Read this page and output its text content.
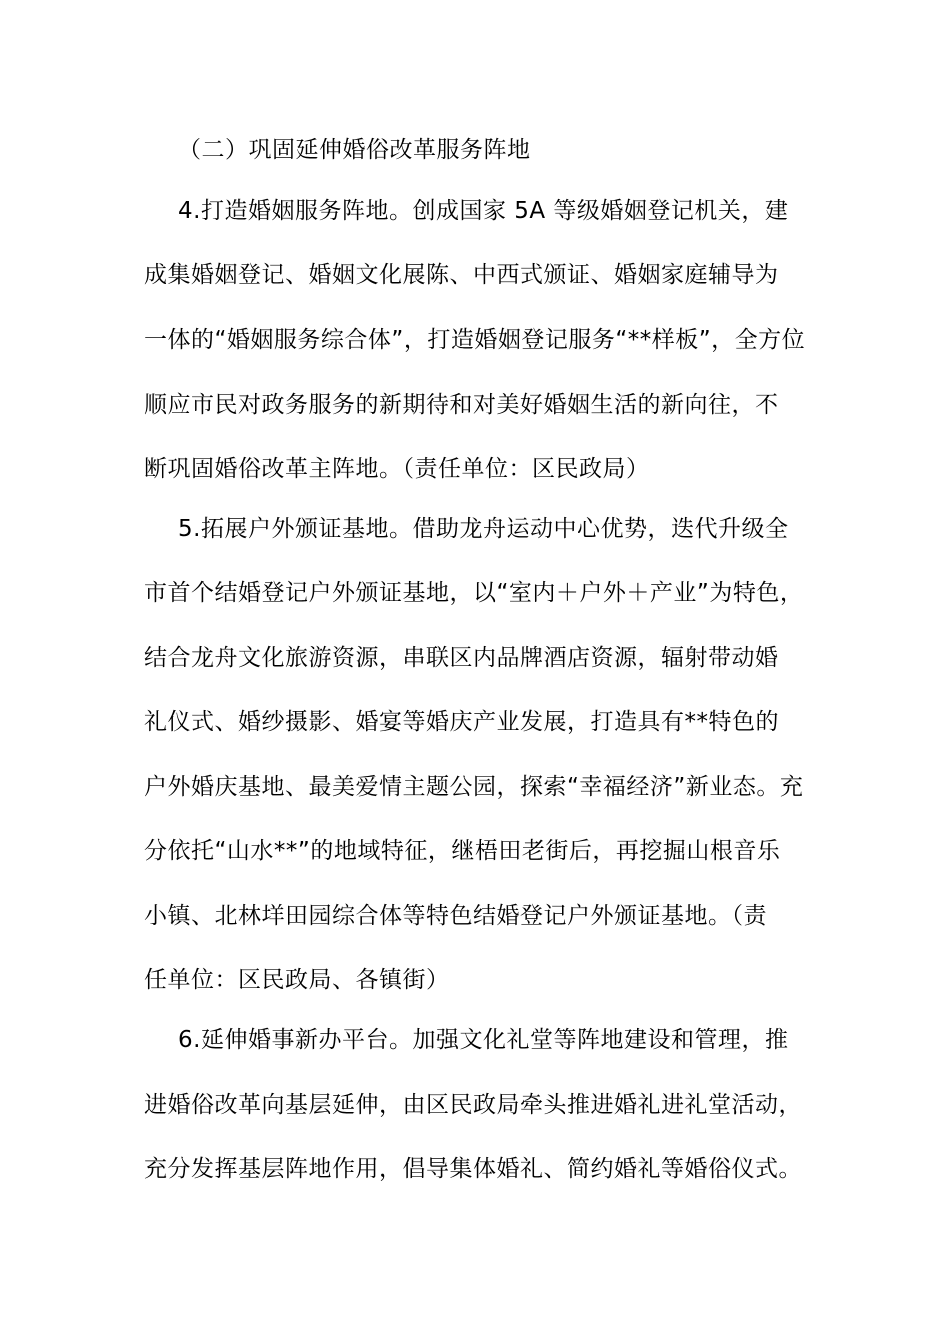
（二）巩固延伸婚俗改革服务阵地
4.打造婚姻服务阵地。创成国家 5A 等级婚姻登记机关，建
成集婚姻登记、婚姻文化展陈、中西式颁证、婚姻家庭辅导为
一体的“婚姻服务综合体”，打造婚姻登记服务“**样板”，全方位
顺应市民对政务服务的新期待和对美好婚姻生活的新向往，不
断巩固婚俗改革主阵地。（责任单位：区民政局）
5.拓展户外颁证基地。借助龙舟运动中心优势，迭代升级全
市首个结婚登记户外颁证基地，以“室内＋户外＋产业”为特色，
结合龙舟文化旅游资源，串联区内品牌酒店资源，辐射带动婚
礼仪式、婚纱摄影、婚宴等婚庆产业发展，打造具有**特色的
户外婚庆基地、最美爱情主题公园，探索“幸福经济”新业态。充
分依托“山水**”的地域特征，继梧田老街后，再挖掘山根音乐
小镇、北林垟田园综合体等特色结婚登记户外颁证基地。（责
任单位：区民政局、各镇街）
6.延伸婚事新办平台。加强文化礼堂等阵地建设和管理，推
进婚俗改革向基层延伸，由区民政局牵头推进婚礼进礼堂活动，
充分发挥基层阵地作用，倡导集体婚礼、简约婚礼等婚俗仪式。
